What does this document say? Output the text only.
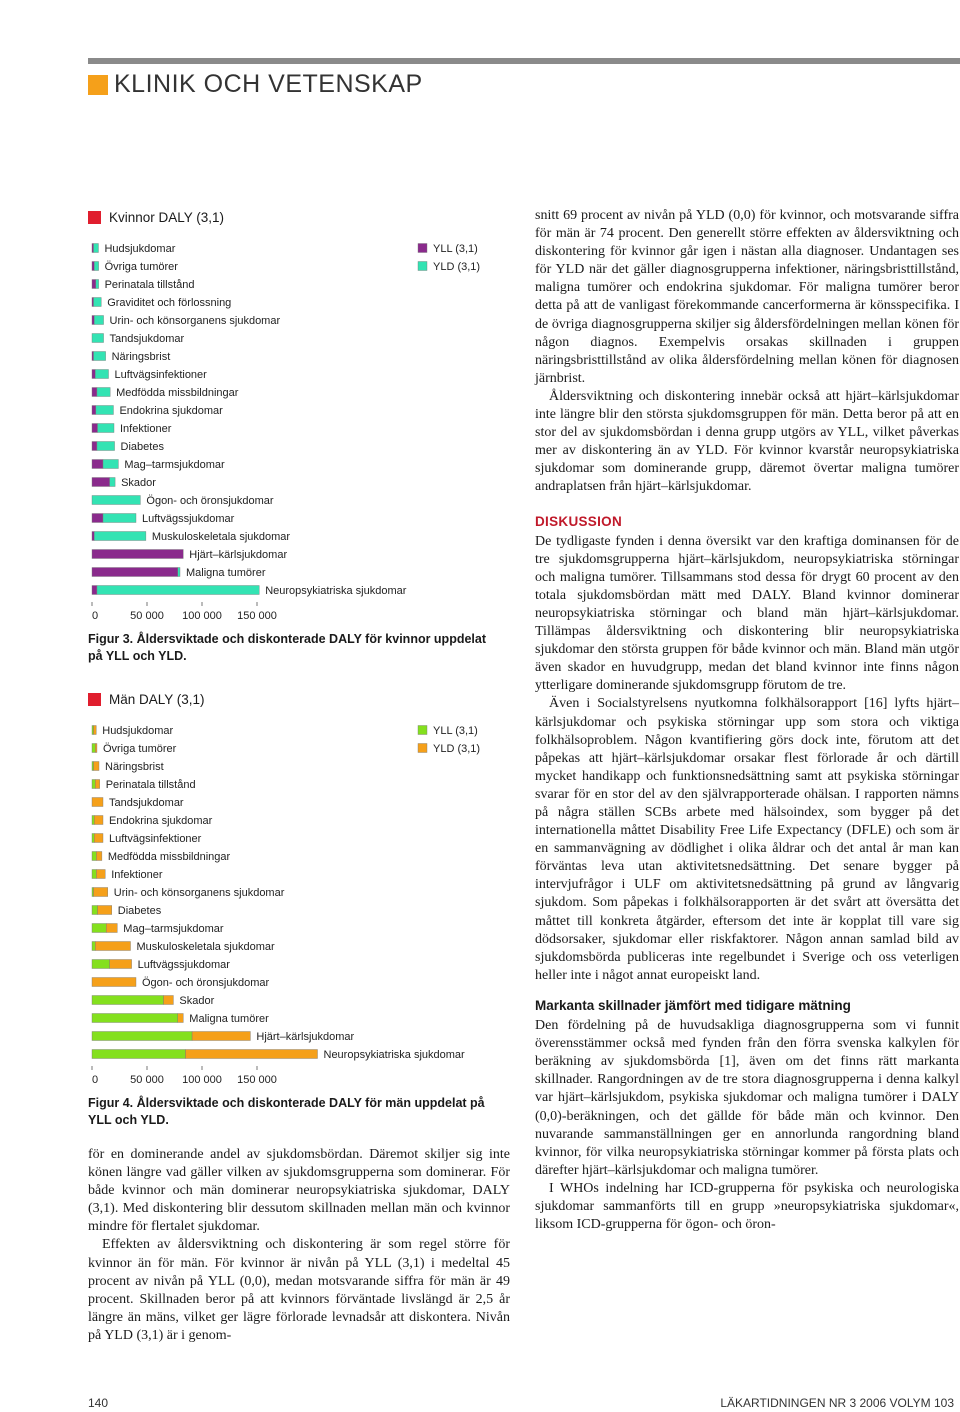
KLINIK OCH VETENSKAP
Kvinnor DALY (3,1)
0	50 000 100 000 150 000
Hudsjukdomar
Övriga tumörer
Perinatala tillstånd
Graviditet och förlossning
Urin- och könsorganens sjukdomar
Tandsjukdomar
Näringsbrist
Luftvägsinfektioner
Medfödda missbildningar
Endokrina sjukdomar
Infektioner
Diabetes
Mag–tarmsjukdomar
Skador
Ögon- och öronsjukdomar
Luftvägssjukdomar
Muskuloskeletala sjukdomar
Hjärt–kärlsjukdomar
Maligna tumörer
Neuropsykiatriska sjukdomar
YLL (3,1)
YLD (3,1)
Figur 3. Åldersviktade och diskonterade DALY för kvinnor uppdelat på YLL och YLD.
Män DALY (3,1)
0	50 000 100 000 150 000
Hudsjukdomar
Övriga tumörer
Näringsbrist
Perinatala tillstånd
Tandsjukdomar
Endokrina sjukdomar
Luftvägsinfektioner
Medfödda missbildningar
Infektioner
Urin- och könsorganens sjukdomar
Diabetes
Mag–tarmsjukdomar
Muskuloskeletala sjukdomar
Luftvägssjukdomar
Ögon- och öronsjukdomar
Skador
Maligna tumörer
Hjärt–kärlsjukdomar
Neuropsykiatriska sjukdomar
YLL (3,1)
YLD (3,1)
Figur 4. Åldersviktade och diskonterade DALY för män uppdelat på YLL och YLD.

för en dominerande andel av sjukdomsbördan. Däremot skiljer sig inte könen längre vad gäller vilken av sjukdomsgrupperna som dominerar. För både kvinnor och män dominerar neuropsykiatriska sjukdomar, DALY (3,1). Med diskontering blir dessutom skillnaden mellan män och kvinnor mindre för flertalet sjukdomar.

Effekten av åldersviktning och diskontering är som regel större för kvinnor än för män. För kvinnor är nivån på YLL (3,1) i medeltal 45 procent av nivån på YLL (0,0), medan motsvarande siffra för män är 49 procent. Skillnaden beror på att kvinnors förväntade livslängd är 2,5 år längre än mäns, vilket ger lägre förlorade levnadsår att diskontera. Nivån på YLD (3,1) är i genom-

snitt 69 procent av nivån på YLD (0,0) för kvinnor, och motsvarande siffra för män är 74 procent. Den generellt större effekten av åldersviktning och diskontering för kvinnor går igen i nästan alla diagnoser. Undantagen ses för YLD när det gäller diagnosgrupperna infektioner, näringsbristtillstånd, maligna tumörer och endokrina sjukdomar. För maligna tumörer beror detta på att de vanligast förekommande cancerformerna är könsspecifika. I de övriga diagnosgrupperna skiljer sig åldersfördelningen mellan könen för någon diagnos. Exempelvis orsakas skillnaden i gruppen näringsbristtillstånd av olika åldersfördelning mellan könen för diagnosen järnbrist.

Åldersviktning och diskontering innebär också att hjärt–kärlsjukdomar inte längre blir den största sjukdomsgruppen för män. Detta beror på att en stor del av sjukdomsbördan i denna grupp utgörs av YLL, vilket påverkas mer av diskontering än av YLD. För kvinnor kvarstår neuropsykiatriska sjukdomar som dominerande grupp, däremot övertar maligna tumörer andraplatsen från hjärt–kärlsjukdomar.

DISKUSSION

De tydligaste fynden i denna översikt var den kraftiga dominansen för de tre sjukdomsgrupperna hjärt–kärlsjukdom, neuropsykiatriska störningar och maligna tumörer. Tillsammans stod dessa för drygt 60 procent av den totala sjukdomsbördan mätt med DALY. Bland kvinnor dominerar neuropsykiatriska störningar och bland män hjärt–kärlsjukdomar. Tillämpas åldersviktning och diskontering blir neuropsykiatriska sjukdomar den största gruppen för både kvinnor och män. Bland män utgör även skador en huvudgrupp, medan det bland kvinnor inte finns någon ytterligare dominerande sjukdomsgrupp förutom de tre.

Även i Socialstyrelsens nyutkomna folkhälsorapport [16] lyfts hjärt–kärlsjukdomar och psykiska störningar upp som stora och viktiga folkhälsoproblem. Någon kvantifiering görs dock inte, förutom att det påpekas att hjärt–kärlsjukdomar orsakar flest förlorade år och därtill mycket handikapp och funktionsnedsättning samt att psykiska störningar svarar för en stor del av den självrapporterade ohälsan. I rapporten nämns på några ställen SCBs arbete med hälsoindex, som bygger på det internationella måttet Disability Free Life Expectancy (DFLE) och som är en sammanvägning av dödlighet i olika åldrar och det antal år man kan förväntas leva utan aktivitetsnedsättning. Det senare bygger på intervjufrågor i ULF om aktivitetsnedsättning på grund av långvarig sjukdom. Som påpekas i folkhälsorapporten är det svårt att översätta det måttet till konkreta åtgärder, eftersom det inte är kopplat till vare sig dödsorsaker, sjukdomar eller riskfaktorer. Någon annan samlad bild av sjukdomsbörda publiceras inte regelbundet i Sverige och oss veterligen heller inte i något annat europeiskt land.

Markanta skillnader jämfört med tidigare mätning

Den fördelning på de huvudsakliga diagnosgrupperna som vi funnit överensstämmer också med fynden från den förra svenska kalkylen för beräkning av sjukdomsbörda [1], även om det finns rätt markanta skillnader. Rangordningen av de tre stora diagnosgrupperna i denna kalkyl var hjärt–kärlsjukdom, psykiska sjukdomar och maligna tumörer i DALY (0,0)-beräkningen, och det gällde för både män och kvinnor. Den nuvarande sammanställningen ger en annorlunda rangordning bland kvinnor, för vilka neuropsykiatriska störningar kommer på första plats och därefter hjärt–kärlsjukdomar och maligna tumörer.

I WHOs indelning har ICD-grupperna för psykiska och neurologiska sjukdomar sammanförts till en grupp »neuropsykiatriska sjukdomar«, liksom ICD-grupperna för ögon- och öron-

140	LÄKARTIDNINGEN NR 3 2006 VOLYM 103
